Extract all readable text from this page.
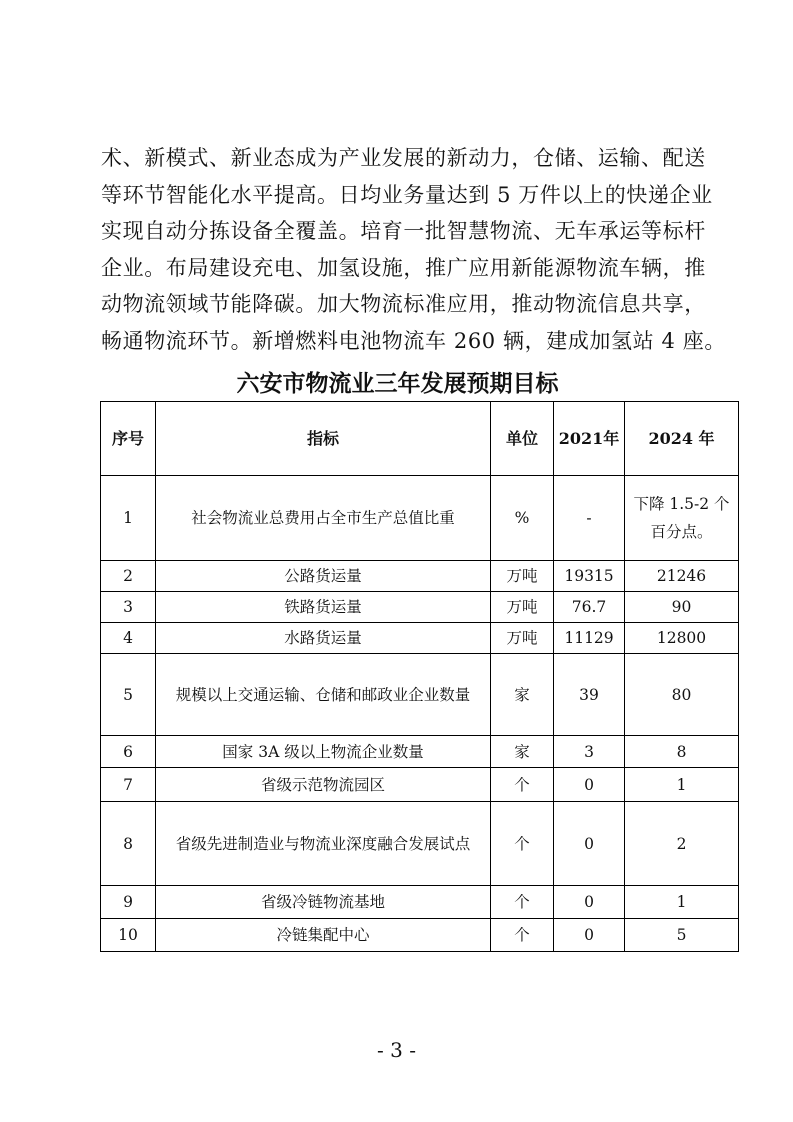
术、新模式、新业态成为产业发展的新动力，仓储、运输、配送
等环节智能化水平提高。日均业务量达到 5 万件以上的快递企业
实现自动分拣设备全覆盖。培育一批智慧物流、无车承运等标杆
企业。布局建设充电、加氢设施，推广应用新能源物流车辆，推
动物流领域节能降碳。加大物流标准应用，推动物流信息共享，
畅通物流环节。新增燃料电池物流车 260 辆，建成加氢站 4 座。
六安市物流业三年发展预期目标
序号	指标	单位	2021年	2024 年
1	社会物流业总费用占全市生产总值比重	%	-	下降 1.5-2 个百分点。
2	公路货运量	万吨	19315	21246
3	铁路货运量	万吨	76.7	90
4	水路货运量	万吨	11129	12800
5	规模以上交通运输、仓储和邮政业企业数量	家	39	80
6	国家 3A 级以上物流企业数量	家	3	8
7	省级示范物流园区	个	0	1
8	省级先进制造业与物流业深度融合发展试点	个	0	2
9	省级冷链物流基地	个	0	1
10	冷链集配中心	个	0	5
- 3 -
